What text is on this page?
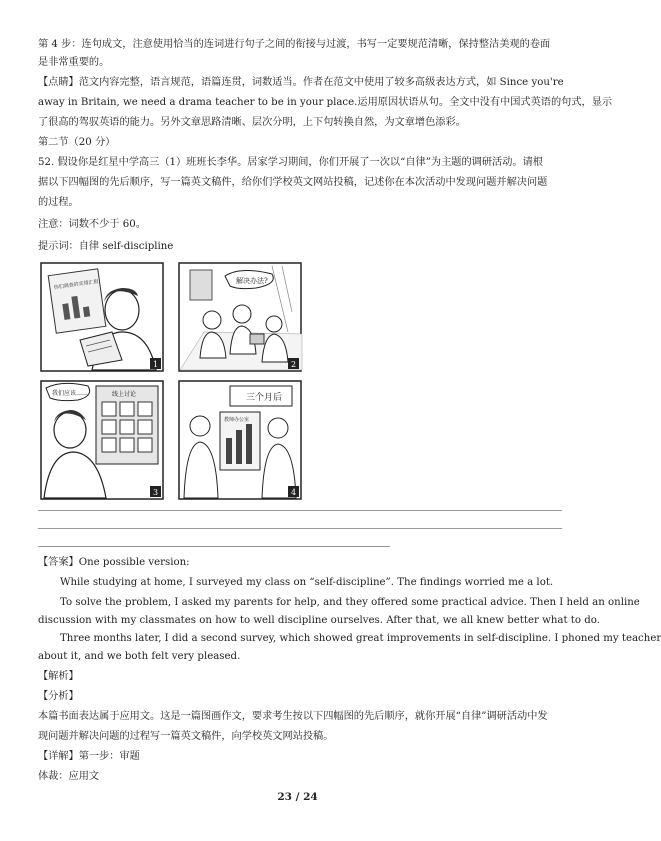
第 4 步：连句成文，注意使用恰当的连词进行句子之间的衔接与过渡，书写一定要规范清晰，保持整洁美观的卷面
是非常重要的。
【点睛】范文内容完整，语言规范，语篇连贯，词数适当。作者在范文中使用了较多高级表达方式，如 Since you're
away in Britain, we need a drama teacher to be in your place.运用原因状语从句。全文中没有中国式英语的句式，显示
了很高的驾驭英语的能力。另外文章思路清晰、层次分明，上下句转换自然，为文章增色添彩。
第二节（20 分）
52. 假设你是红星中学高三（1）班班长李华。居家学习期间，你们开展了一次以“自律”为主题的调研活动。请根
据以下四幅图的先后顺序，写一篇英文稿件，给你们学校英文网站投稿，记述你在本次活动中发现问题并解决问题
的过程。
注意：词数不少于 60。
提示词：自律 self-discipline
你们调查的实情汇报
1
解决办法?
2
我们应该……	线上讨论
3
三个月后
教师办公室
4
【答案】One possible version:
While studying at home, I surveyed my class on “self-discipline”. The findings worried me a lot.
To solve the problem, I asked my parents for help, and they offered some practical advice. Then I held an online
discussion with my classmates on how to well discipline ourselves. After that, we all knew better what to do.
Three months later, I did a second survey, which showed great improvements in self-discipline. I phoned my teacher
about it, and we both felt very pleased.
【解析】
【分析】
本篇书面表达属于应用文。这是一篇图画作文，要求考生按以下四幅图的先后顺序，就你开展“自律”调研活动中发
现问题并解决问题的过程写一篇英文稿件，向学校英文网站投稿。
【详解】第一步：审题
体裁：应用文
23 / 24
